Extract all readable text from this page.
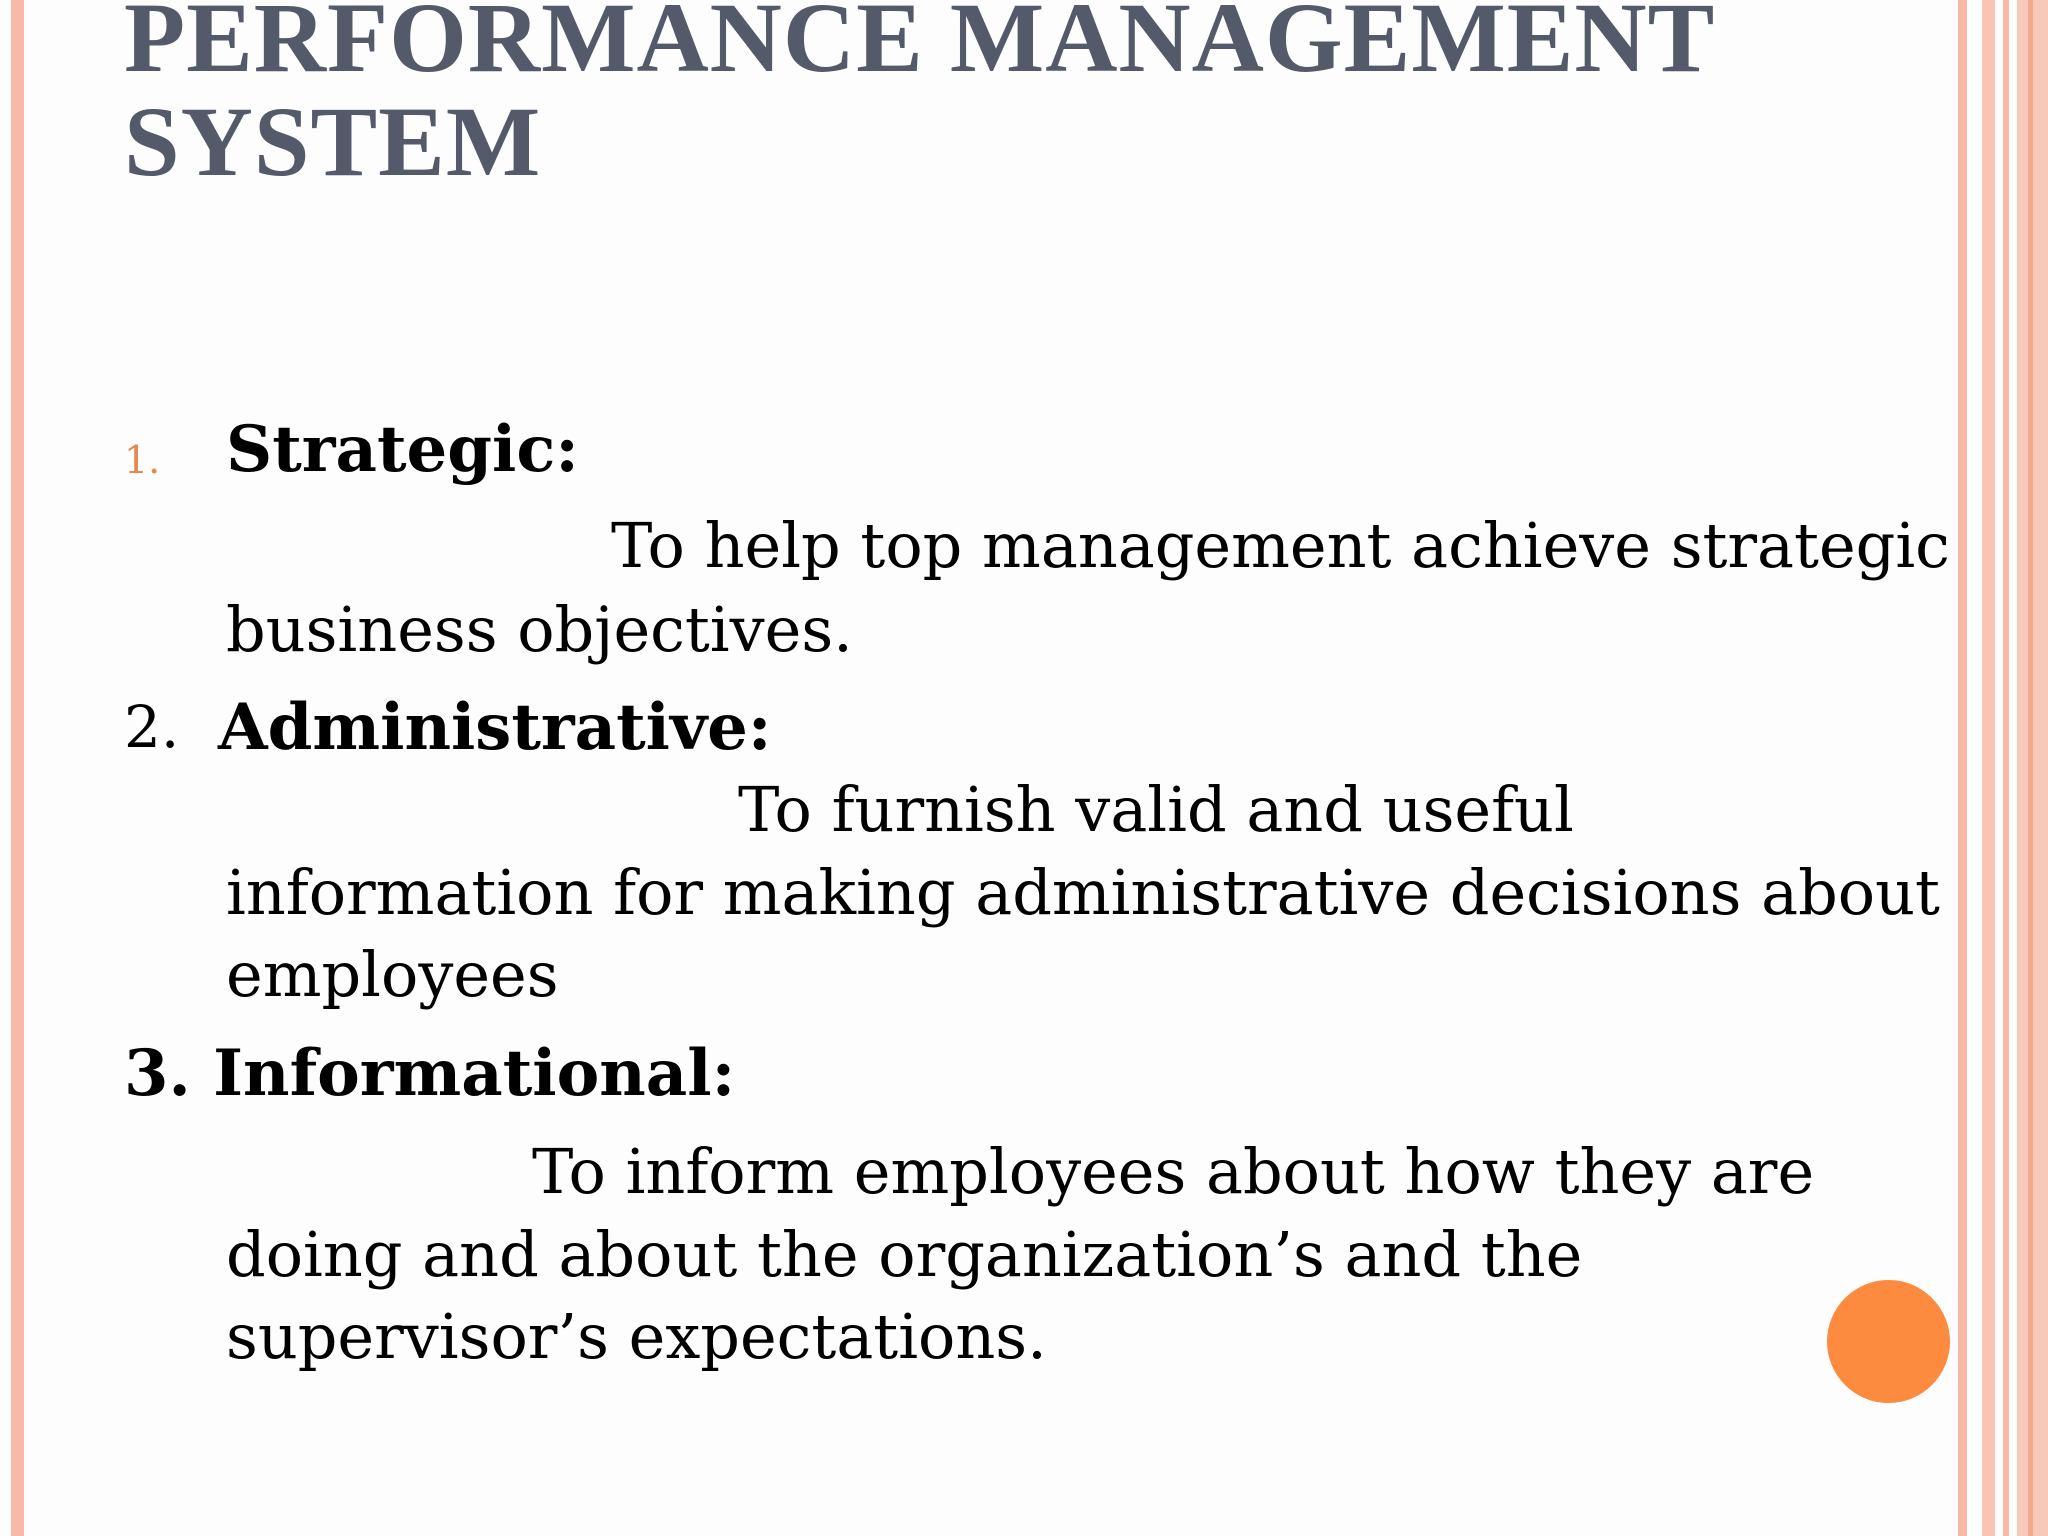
PERFORMANCE MANAGEMENT
SYSTEM
1. Strategic:

To help top management achieve strategic

business objectives.

2. Administrative:

To furnish valid and useful

information for making administrative decisions about

employees

3. Informational:

To inform employees about how they are

doing and about the organization’s and the

supervisor’s expectations.
